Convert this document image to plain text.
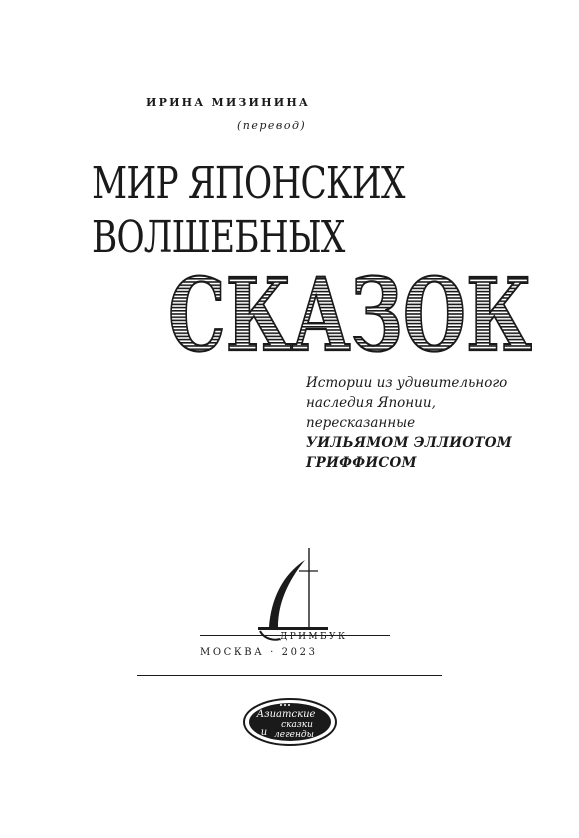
ИРИНА МИЗИНИНА
(перевод)
МИР ЯПОНСКИХ
ВОЛШЕБНЫХ
СКАЗОК
Истории из удивительного
наследия Японии,
пересказанные
УИЛЬЯМОМ ЭЛЛИОТОМ
ГРИФФИСОМ
ДРИМБУК
МОСКВА · 2023
Азиатские
сказки
и легенды
